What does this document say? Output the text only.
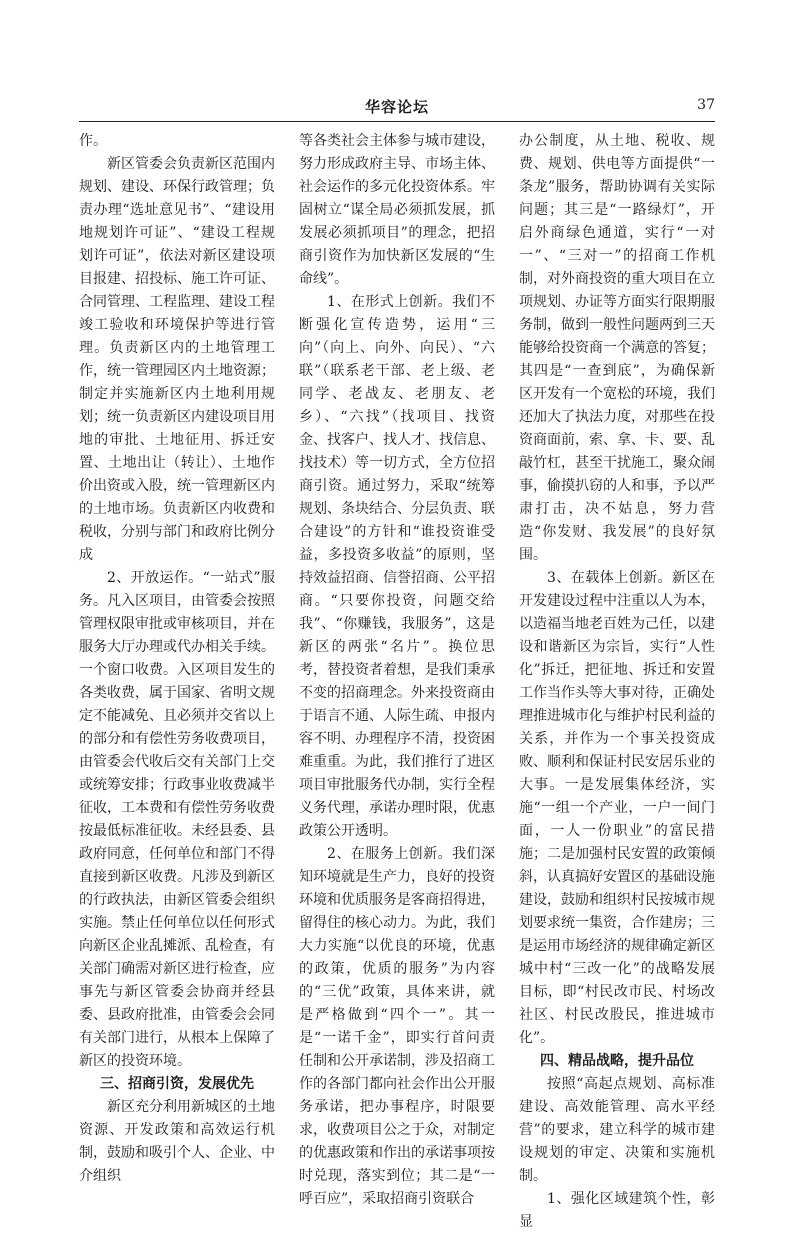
华容论坛	37

作。

新区管委会负责新区范围内规划、建设、环保行政管理；负责办理“选址意见书”、“建设用地规划许可证”、“建设工程规划许可证”，依法对新区建设项目报建、招投标、施工许可证、合同管理、工程监理、建设工程竣工验收和环境保护等进行管理。负责新区内的土地管理工作，统一管理园区内土地资源；制定并实施新区内土地利用规划；统一负责新区内建设项目用地的审批、土地征用、拆迁安置、土地出让（转让）、土地作价出资或入股，统一管理新区内的土地市场。负责新区内收费和税收，分别与部门和政府比例分成

2、开放运作。“一站式”服务。凡入区项目，由管委会按照管理权限审批或审核项目，并在服务大厅办理或代办相关手续。一个窗口收费。入区项目发生的各类收费，属于国家、省明文规定不能减免、且必须并交省以上的部分和有偿性劳务收费项目，由管委会代收后交有关部门上交或统筹安排；行政事业收费减半征收，工本费和有偿性劳务收费按最低标准征收。未经县委、县政府同意，任何单位和部门不得直接到新区收费。凡涉及到新区的行政执法，由新区管委会组织实施。禁止任何单位以任何形式向新区企业乱摊派、乱检查，有关部门确需对新区进行检查，应事先与新区管委会协商并经县委、县政府批准，由管委会会同有关部门进行，从根本上保障了新区的投资环境。

三、招商引资，发展优先

新区充分利用新城区的土地资源、开发政策和高效运行机制，鼓励和吸引个人、企业、中介组织

等各类社会主体参与城市建设，努力形成政府主导、市场主体、社会运作的多元化投资体系。牢固树立“谋全局必须抓发展，抓发展必须抓项目”的理念，把招商引资作为加快新区发展的“生命线”。

1、在形式上创新。我们不断强化宣传造势，运用“三向”（向上、向外、向民）、“六联”（联系老干部、老上级、老同学、老战友、老朋友、老乡）、“六找”（找项目、找资金、找客户、找人才、找信息、找技术）等一切方式，全方位招商引资。通过努力，采取“统筹规划、条块结合、分层负责、联合建设”的方针和“谁投资谁受益，多投资多收益”的原则，坚持效益招商、信誉招商、公平招商。“只要你投资，问题交给我”、“你赚钱，我服务”，这是新区的两张“名片”。换位思考，替投资者着想，是我们秉承不变的招商理念。外来投资商由于语言不通、人际生疏、申报内容不明、办理程序不清，投资困难重重。为此，我们推行了进区项目审批服务代办制，实行全程义务代理，承诺办理时限，优惠政策公开透明。

2、在服务上创新。我们深知环境就是生产力，良好的投资环境和优质服务是客商招得进，留得住的核心动力。为此，我们大力实施“以优良的环境，优惠的政策，优质的服务”为内容的“三优”政策，具体来讲，就是严格做到“四个一”。其一是“一诺千金”，即实行首问责任制和公开承诺制，涉及招商工作的各部门都向社会作出公开服务承诺，把办事程序，时限要求，收费项目公之于众，对制定的优惠政策和作出的承诺事项按时兑现，落实到位；其二是“一呼百应”，采取招商引资联合

办公制度，从土地、税收、规费、规划、供电等方面提供“一条龙”服务，帮助协调有关实际问题；其三是“一路绿灯”，开启外商绿色通道，实行“一对一”、“三对一”的招商工作机制，对外商投资的重大项目在立项规划、办证等方面实行限期服务制，做到一般性问题两到三天能够给投资商一个满意的答复；其四是“一查到底”，为确保新区开发有一个宽松的环境，我们还加大了执法力度，对那些在投资商面前，索、拿、卡、要、乱敲竹杠，甚至干扰施工，聚众闹事，偷摸扒窃的人和事，予以严肃打击，决不姑息，努力营造“你发财、我发展”的良好氛围。

3、在载体上创新。新区在开发建设过程中注重以人为本，以造福当地老百姓为己任，以建设和谐新区为宗旨，实行“人性化”拆迁，把征地、拆迁和安置工作当作头等大事对待，正确处理推进城市化与维护村民利益的关系，并作为一个事关投资成败、顺利和保证村民安居乐业的大事。一是发展集体经济，实施“一组一个产业，一户一间门面，一人一份职业”的富民措施；二是加强村民安置的政策倾斜，认真搞好安置区的基础设施建设，鼓励和组织村民按城市规划要求统一集资，合作建房；三是运用市场经济的规律确定新区城中村“三改一化”的战略发展目标，即“村民改市民、村场改社区、村民改股民，推进城市化”。

四、精品战略，提升品位

按照“高起点规划、高标准建设、高效能管理、高水平经营”的要求，建立科学的城市建设规划的审定、决策和实施机制。

1、强化区域建筑个性，彰显
